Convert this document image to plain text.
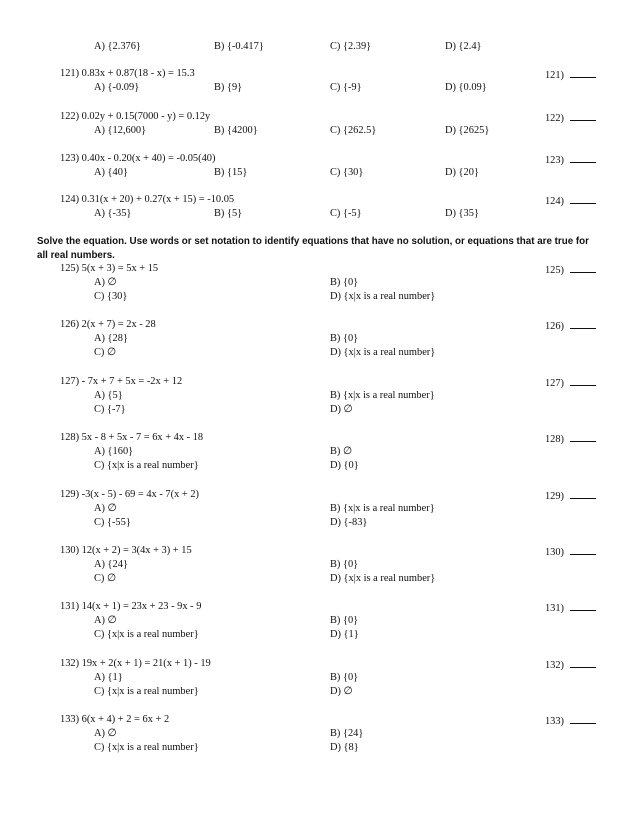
A) {2.376}	B) {-0.417}	C) {2.39}	D) {2.4}
121) 0.83x + 0.87(18 - x) = 15.3	121)
A) {-0.09}	B) {9}	C) {-9}	D) {0.09}
122) 0.02y + 0.15(7000 - y) = 0.12y	122)
A) {12,600}	B) {4200}	C) {262.5}	D) {2625}
123) 0.40x - 0.20(x + 40) = -0.05(40)	123)
A) {40}	B) {15}	C) {30}	D) {20}
124) 0.31(x + 20) + 0.27(x + 15) = -10.05	124)
A) {-35}	B) {5}	C) {-5}	D) {35}
Solve the equation. Use words or set notation to identify equations that have no solution, or equations that are true for all real numbers.
125) 5(x + 3) = 5x + 15	125)
A) ∅	B) {0}
C) {30}	D) {x|x is a real number}
126) 2(x + 7) = 2x - 28	126)
A) {28}	B) {0}
C) ∅	D) {x|x is a real number}
127) - 7x + 7 + 5x = -2x + 12	127)
A) {5}	B) {x|x is a real number}
C) {-7}	D) ∅
128) 5x - 8 + 5x - 7 = 6x + 4x - 18	128)
A) {160}	B) ∅
C) {x|x is a real number}	D) {0}
129) -3(x - 5) - 69 = 4x - 7(x + 2)	129)
A) ∅	B) {x|x is a real number}
C) {-55}	D) {-83}
130) 12(x + 2) = 3(4x + 3) + 15	130)
A) {24}	B) {0}
C) ∅	D) {x|x is a real number}
131) 14(x + 1) = 23x + 23 - 9x - 9	131)
A) ∅	B) {0}
C) {x|x is a real number}	D) {1}
132) 19x + 2(x + 1) = 21(x + 1) - 19	132)
A) {1}	B) {0}
C) {x|x is a real number}	D) ∅
133) 6(x + 4) + 2 = 6x + 2	133)
A) ∅	B) {24}
C) {x|x is a real number}	D) {8}
